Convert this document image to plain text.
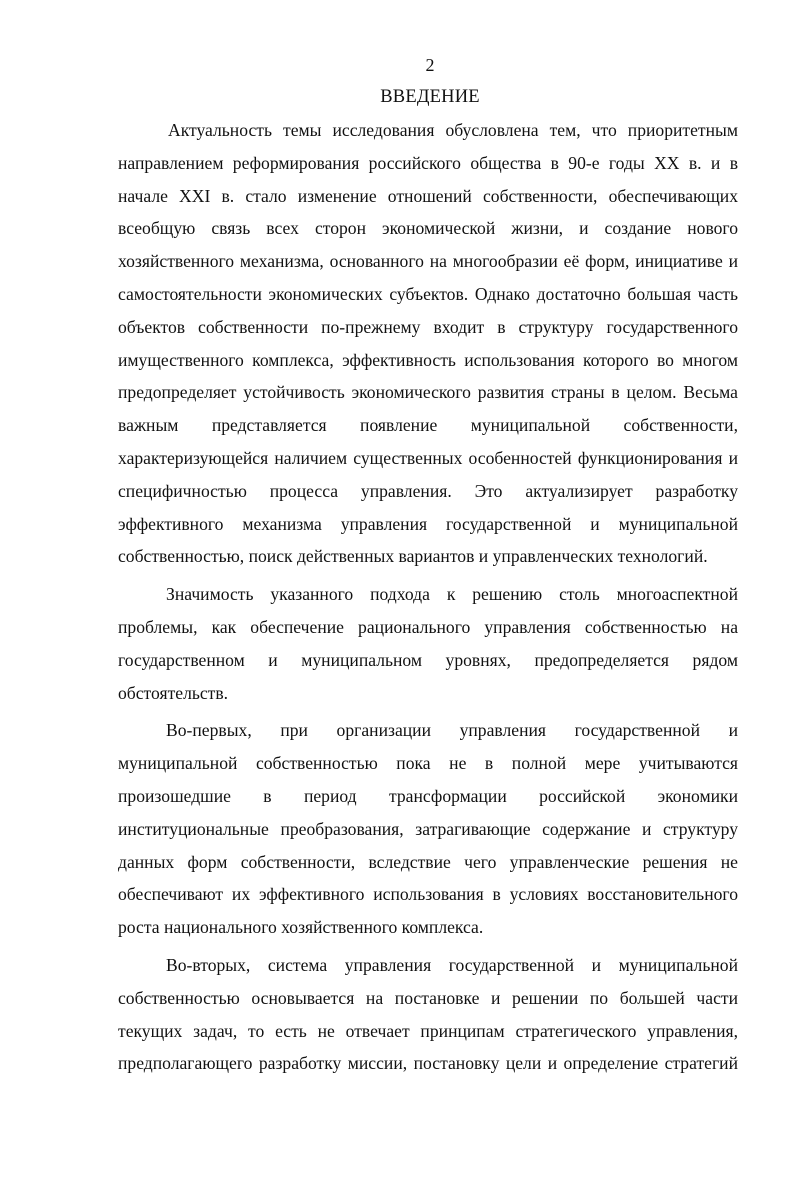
2
ВВЕДЕНИЕ

Актуальность темы исследования обусловлена тем, что приоритетным направлением реформирования российского общества в 90-е годы XX в. и в начале XXI в. стало изменение отношений собственности, обеспечивающих всеобщую связь всех сторон экономической жизни, и создание нового хозяйственного механизма, основанного на многообразии её форм, инициативе и самостоятельности экономических субъектов. Однако достаточно большая часть объектов собственности по-прежнему входит в структуру государственного имущественного комплекса, эффективность использования которого во многом предопределяет устойчивость экономического развития страны в целом. Весьма важным представляется появление муниципальной собственности, характеризующейся наличием существенных особенностей функционирования и специфичностью процесса управления. Это актуализирует разработку эффективного механизма управления государственной и муниципальной собственностью, поиск действенных вариантов и управленческих технологий.

Значимость указанного подхода к решению столь многоаспектной проблемы, как обеспечение рационального управления собственностью на государственном и муниципальном уровнях, предопределяется рядом обстоятельств.

Во-первых, при организации управления государственной и муниципальной собственностью пока не в полной мере учитываются произошедшие в период трансформации российской экономики институциональные преобразования, затрагивающие содержание и структуру данных форм собственности, вследствие чего управленческие решения не обеспечивают их эффективного использования в условиях восстановительного роста национального хозяйственного комплекса.

Во-вторых, система управления государственной и муниципальной собственностью основывается на постановке и решении по большей части текущих задач, то есть не отвечает принципам стратегического управления, предполагающего разработку миссии, постановку цели и определение стратегий
